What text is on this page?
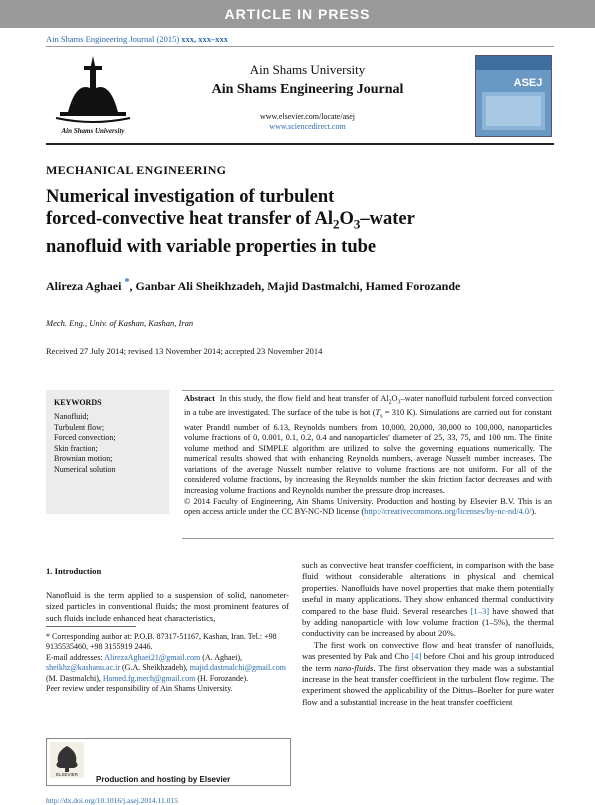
ARTICLE IN PRESS
Ain Shams Engineering Journal (2015) xxx, xxx–xxx
Ain Shams University
Ain Shams University
Ain Shams Engineering Journal
www.elsevier.com/locate/asej
www.sciencedirect.com
ASEJ
MECHANICAL ENGINEERING
Numerical investigation of turbulent
forced-convective heat transfer of $Al_2O_3$–water
nanofluid with variable properties in tube
Alireza Aghaei *, Ganbar Ali Sheikhzadeh, Majid Dastmalchi, Hamed Forozande
Mech. Eng., Univ. of Kashan, Kashan, Iran
Received 27 July 2014; revised 13 November 2014; accepted 23 November 2014
KEYWORDS
Nanofluid;
Turbulent flow;
Forced convection;
Skin fraction;
Brownian motion;
Numerical solution
Abstract In this study, the flow field and heat transfer of $Al_2O_3$–water nanofluid turbulent forced convection in a tube are investigated. The surface of the tube is hot ($T_s = 310$ K). Simulations are carried out for constant water Prandtl number of 6.13, Reynolds numbers from 10,000, 20,000, 30,000 to 100,000, nanoparticles volume fractions of 0, 0.001, 0.1, 0.2, 0.4 and nanoparticles' diameter of 25, 33, 75, and 100 nm. The finite volume method and SIMPLE algorithm are utilized to solve the governing equations numerically. The numerical results showed that with enhancing Reynolds numbers, average Nusselt number increases. The variations of the average Nusselt number relative to volume fractions are not uniform. For all of the considered volume fractions, by increasing the Reynolds number the skin friction factor decreases and with increasing volume fractions and Reynolds number the pressure drop increases.
© 2014 Faculty of Engineering, Ain Shams University. Production and hosting by Elsevier B.V. This is an open access article under the CC BY-NC-ND license (http://creativecommons.org/licenses/by-nc-nd/4.0/).
1. Introduction
Nanofluid is the term applied to a suspension of solid, nanometer-sized particles in conventional fluids; the most prominent features of such fluids include enhanced heat characteristics,
* Corresponding author at: P.O.B. 87317-51167, Kashan, Iran. Tel.: +98 9135535460, +98 3155919 2446.
E-mail addresses: AlirezaAghaei21@gmail.com (A. Aghaei), sheikhz@kashanu.ac.ir (G.A. Sheikhzadeh), majid.dastmalchi@gmail.com (M. Dastmalchi), Hamed.fg.mech@gmail.com (H. Forozande).
Peer review under responsibility of Ain Shams University.
such as convective heat transfer coefficient, in comparison with the base fluid without considerable alterations in physical and chemical properties. Nanofluids have novel properties that make them potentially useful in many applications. They show enhanced thermal conductivity compared to the base fluid. Several researches [1–3] have showed that by adding nanoparticle with low volume fraction (1–5%), the thermal conductivity can be increased by about 20%.
The first work on convective flow and heat transfer of nanofluids, was presented by Pak and Cho [4] before Choi and his group introduced the term nano-fluids. The first observation they made was a substantial increase in the heat transfer coefficient in the turbulent flow regime. The experiment showed the applicability of the Dittus–Boelter for pure water flow and a substantial increase in the heat transfer coefficient
ELSEVIER
Production and hosting by Elsevier
http://dx.doi.org/10.1016/j.asej.2014.11.015
